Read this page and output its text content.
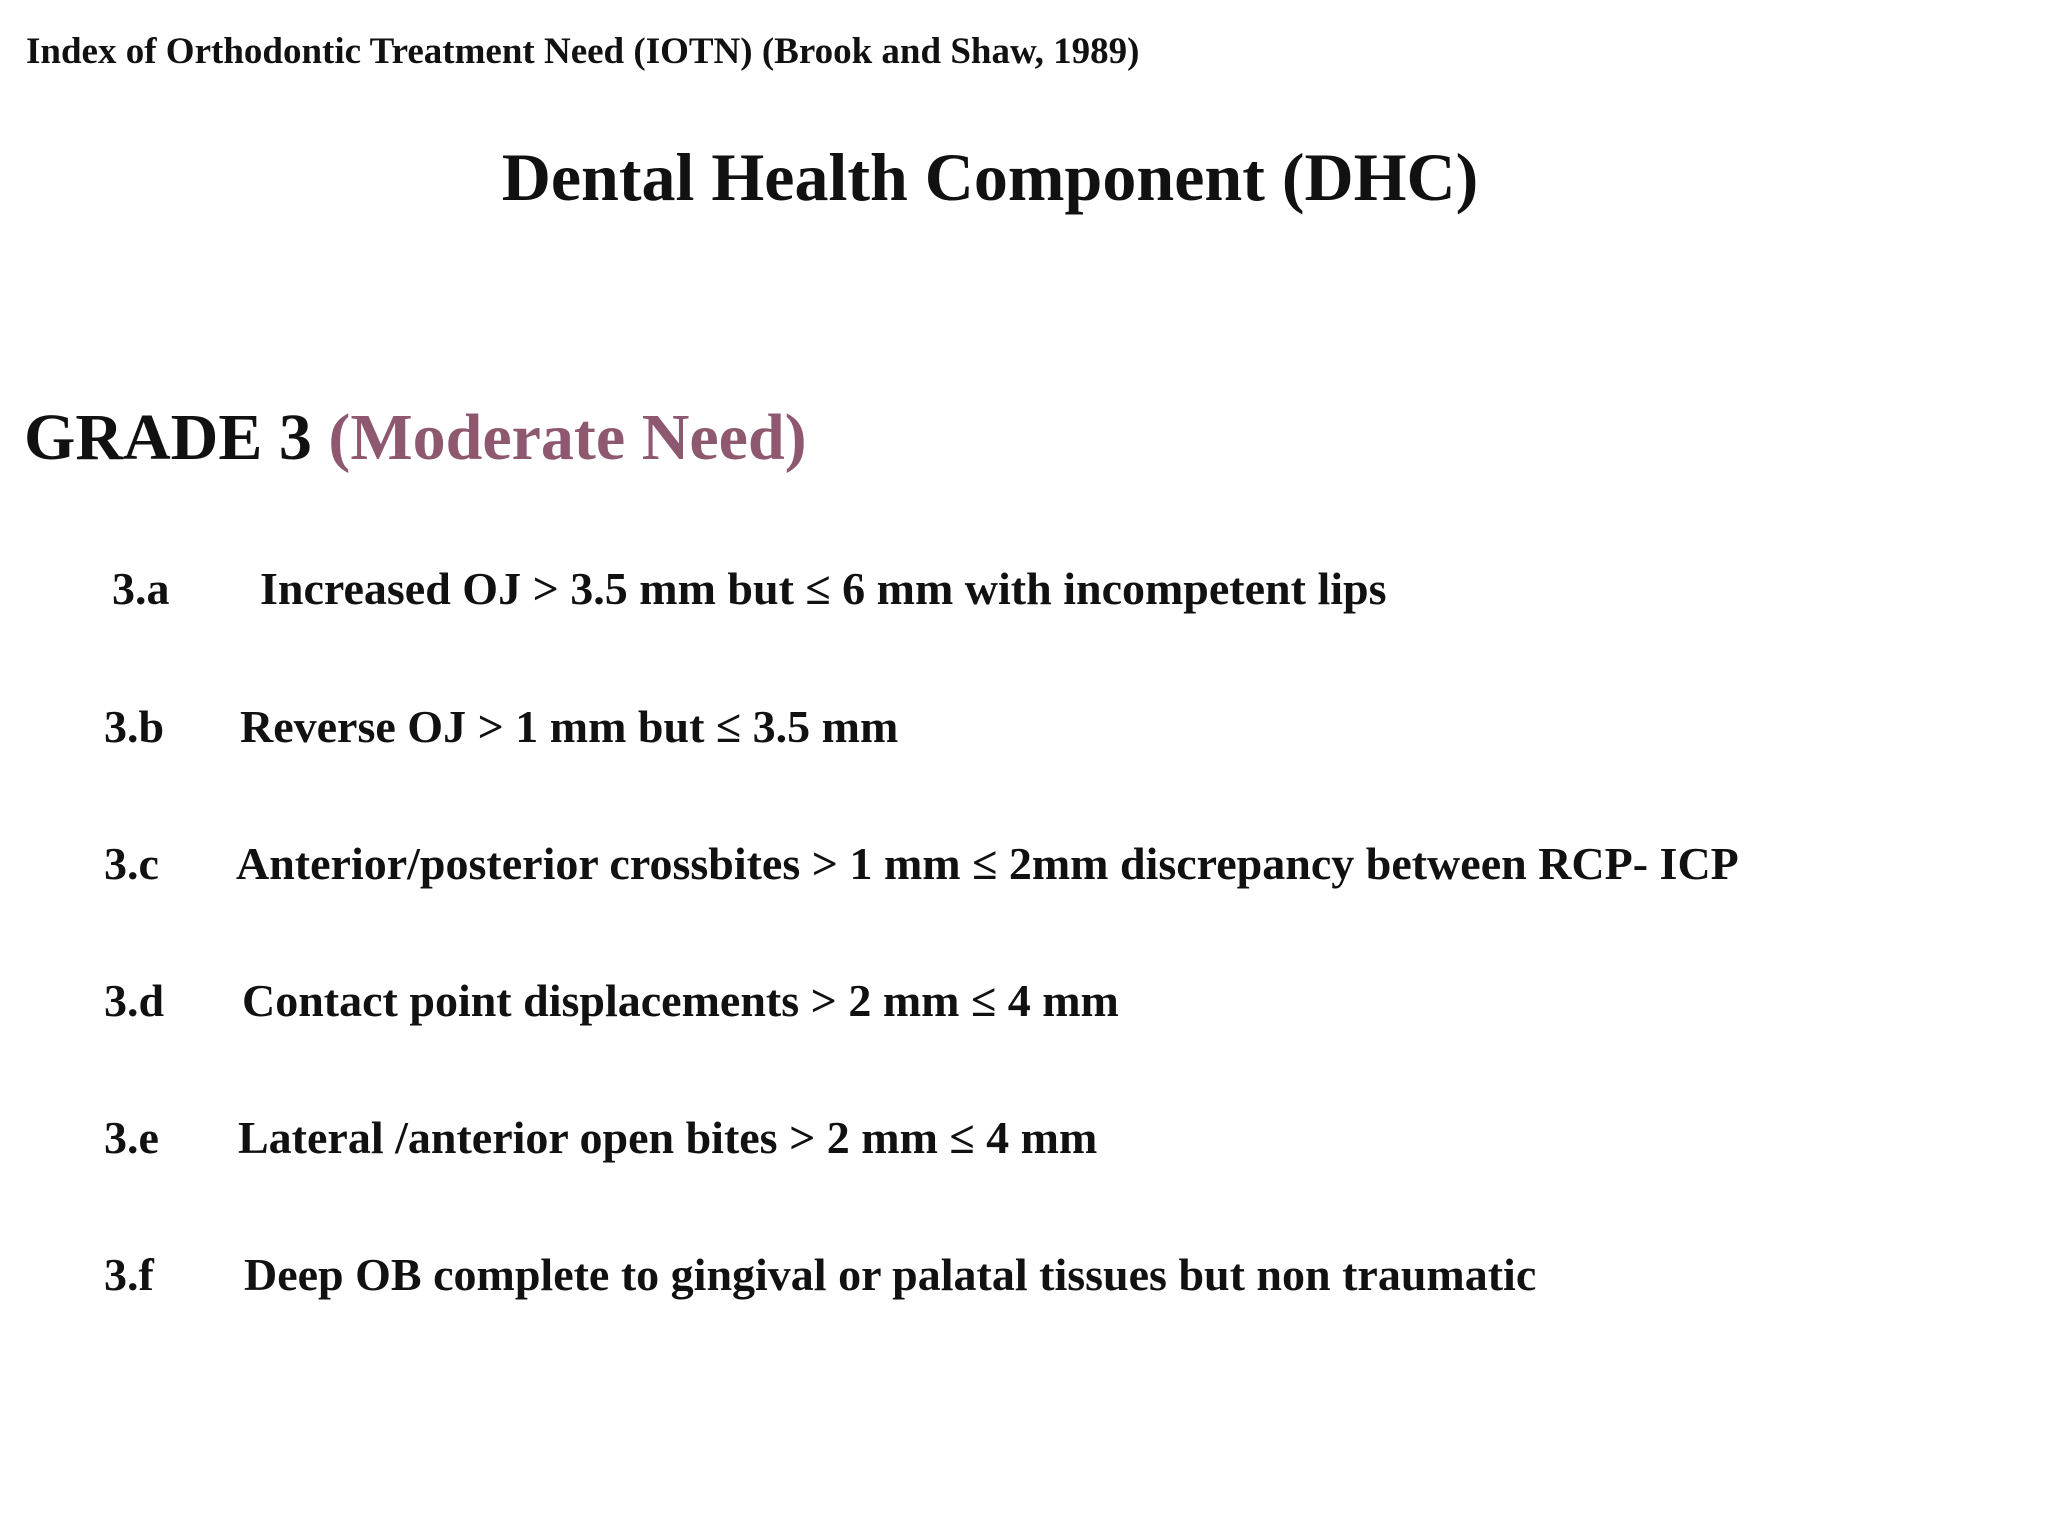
Index of Orthodontic Treatment Need (IOTN) (Brook and Shaw, 1989)
Dental Health Component (DHC)
GRADE 3 (Moderate Need)
3.a Increased OJ > 3.5 mm but ≤ 6 mm with incompetent lips
3.b Reverse OJ > 1 mm but ≤ 3.5 mm
3.c Anterior/posterior crossbites > 1 mm ≤ 2mm discrepancy between RCP- ICP
3.d Contact point displacements > 2 mm ≤ 4 mm
3.e Lateral /anterior open bites > 2 mm ≤ 4 mm
3.f Deep OB complete to gingival or palatal tissues but non traumatic
